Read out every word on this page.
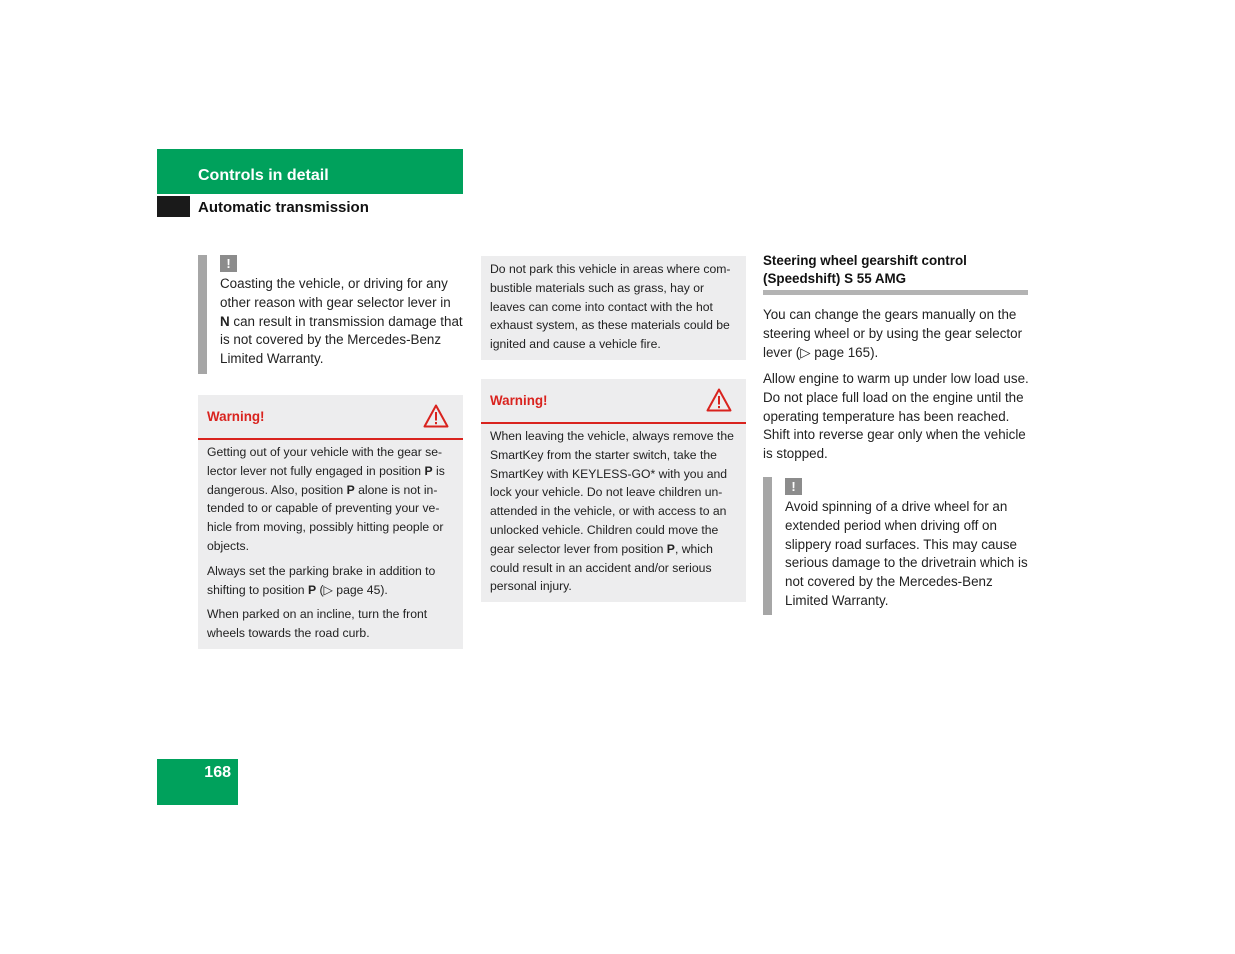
Controls in detail
Automatic transmission
!
Coasting the vehicle, or driving for any other reason with gear selector lever in N can result in transmission damage that is not covered by the Mercedes-Benz Limited Warranty.
Warning!

Getting out of your vehicle with the gear se-lector lever not fully engaged in position P is dangerous. Also, position P alone is not in-tended to or capable of preventing your ve-hicle from moving, possibly hitting people or objects.

Always set the parking brake in addition to shifting to position P (▷ page 45).

When parked on an incline, turn the front wheels towards the road curb.

Do not park this vehicle in areas where com-bustible materials such as grass, hay or leaves can come into contact with the hot exhaust system, as these materials could be ignited and cause a vehicle fire.
Warning!
When leaving the vehicle, always remove the SmartKey from the starter switch, take the SmartKey with KEYLESS-GO* with you and lock your vehicle. Do not leave children un-attended in the vehicle, or with access to an unlocked vehicle. Children could move the gear selector lever from position P, which could result in an accident and/or serious personal injury.
Steering wheel gearshift control
(Speedshift) S 55 AMG

You can change the gears manually on the steering wheel or by using the gear selector lever (▷ page 165).

Allow engine to warm up under low load use. Do not place full load on the engine until the operating temperature has been reached. Shift into reverse gear only when the vehicle is stopped.

!
Avoid spinning of a drive wheel for an extended period when driving off on slippery road surfaces. This may cause serious damage to the drivetrain which is not covered by the Mercedes-Benz Limited Warranty.
168
